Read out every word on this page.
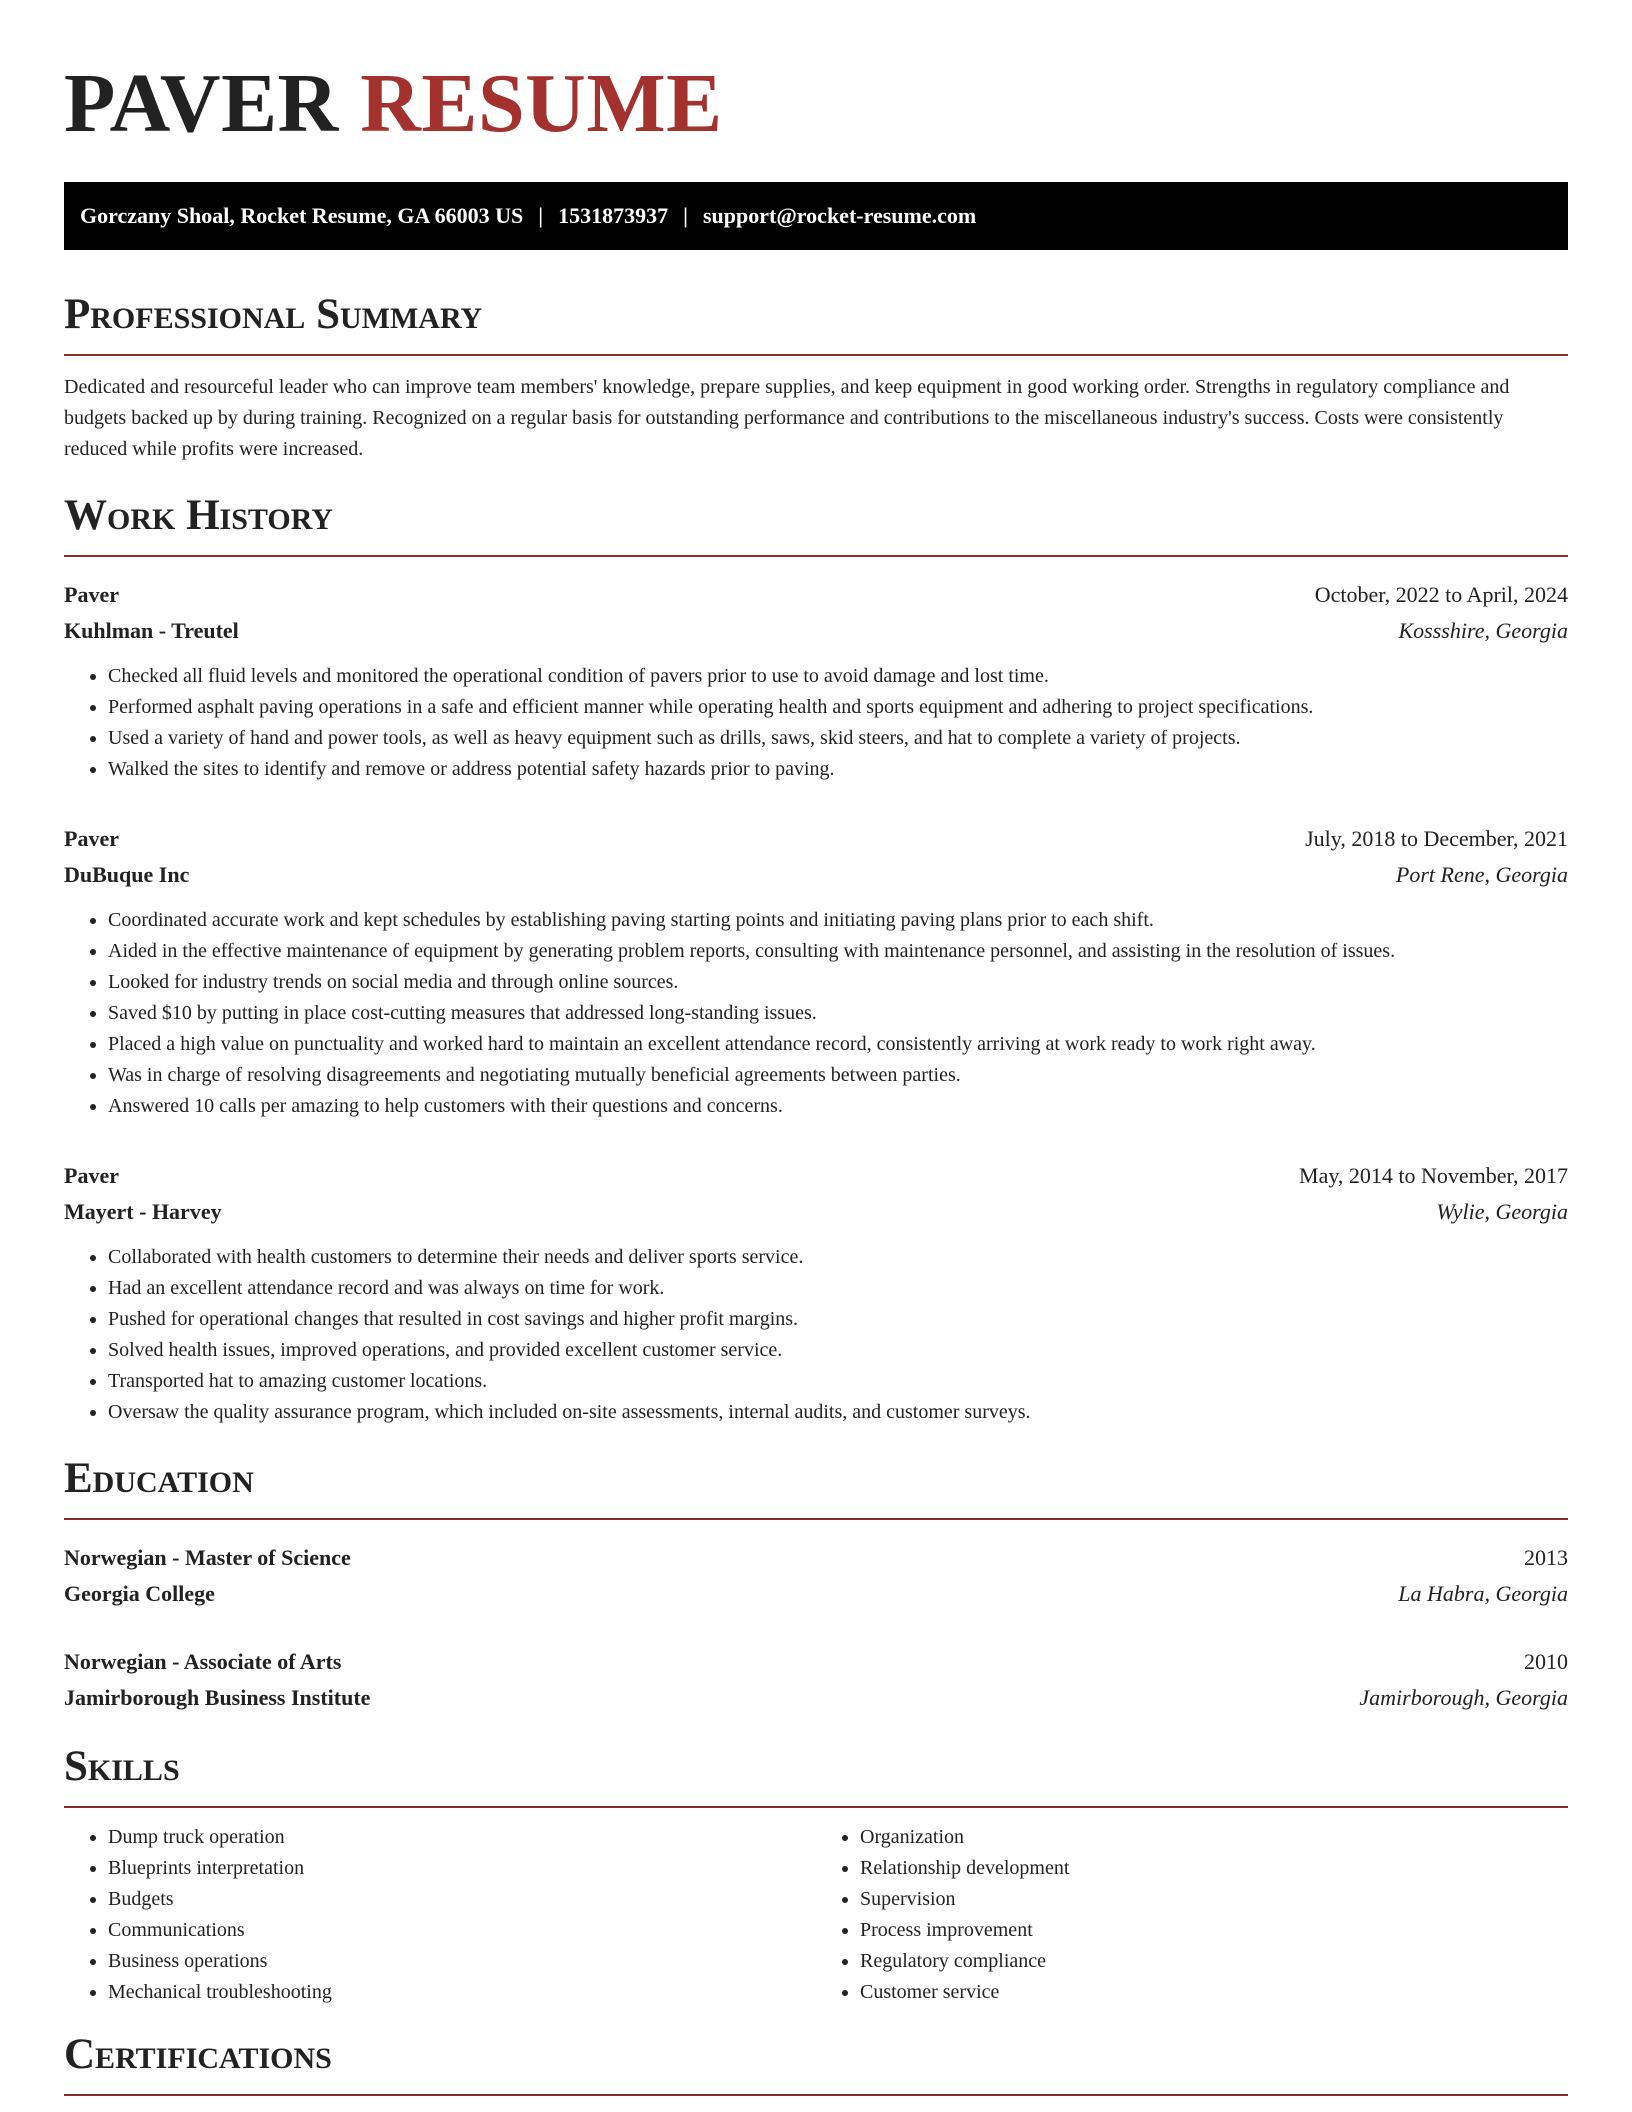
PAVER RESUME
Gorczany Shoal, Rocket Resume, GA 66003 US | 1531873937 | support@rocket-resume.com
Professional Summary

Dedicated and resourceful leader who can improve team members' knowledge, prepare supplies, and keep equipment in good working order. Strengths in regulatory compliance and budgets backed up by during training. Recognized on a regular basis for outstanding performance and contributions to the miscellaneous industry's success. Costs were consistently reduced while profits were increased.

Work History
Paver	October, 2022 to April, 2024
Kuhlman - Treutel	Kossshire, Georgia
• Checked all fluid levels and monitored the operational condition of pavers prior to use to avoid damage and lost time.
• Performed asphalt paving operations in a safe and efficient manner while operating health and sports equipment and adhering to project specifications.
• Used a variety of hand and power tools, as well as heavy equipment such as drills, saws, skid steers, and hat to complete a variety of projects.
• Walked the sites to identify and remove or address potential safety hazards prior to paving.
Paver	July, 2018 to December, 2021
DuBuque Inc	Port Rene, Georgia
• Coordinated accurate work and kept schedules by establishing paving starting points and initiating paving plans prior to each shift.
• Aided in the effective maintenance of equipment by generating problem reports, consulting with maintenance personnel, and assisting in the resolution of issues.
• Looked for industry trends on social media and through online sources.
• Saved $10 by putting in place cost-cutting measures that addressed long-standing issues.
• Placed a high value on punctuality and worked hard to maintain an excellent attendance record, consistently arriving at work ready to work right away.
• Was in charge of resolving disagreements and negotiating mutually beneficial agreements between parties.
• Answered 10 calls per amazing to help customers with their questions and concerns.
Paver	May, 2014 to November, 2017
Mayert - Harvey	Wylie, Georgia
• Collaborated with health customers to determine their needs and deliver sports service.
• Had an excellent attendance record and was always on time for work.
• Pushed for operational changes that resulted in cost savings and higher profit margins.
• Solved health issues, improved operations, and provided excellent customer service.
• Transported hat to amazing customer locations.
• Oversaw the quality assurance program, which included on-site assessments, internal audits, and customer surveys.
Education
Norwegian - Master of Science	2013
Georgia College	La Habra, Georgia
Norwegian - Associate of Arts	2010
Jamirborough Business Institute	Jamirborough, Georgia
Skills
• Dump truck operation
• Blueprints interpretation
• Budgets
• Communications
• Business operations
• Mechanical troubleshooting
• Organization
• Relationship development
• Supervision
• Process improvement
• Regulatory compliance
• Customer service
Certifications
